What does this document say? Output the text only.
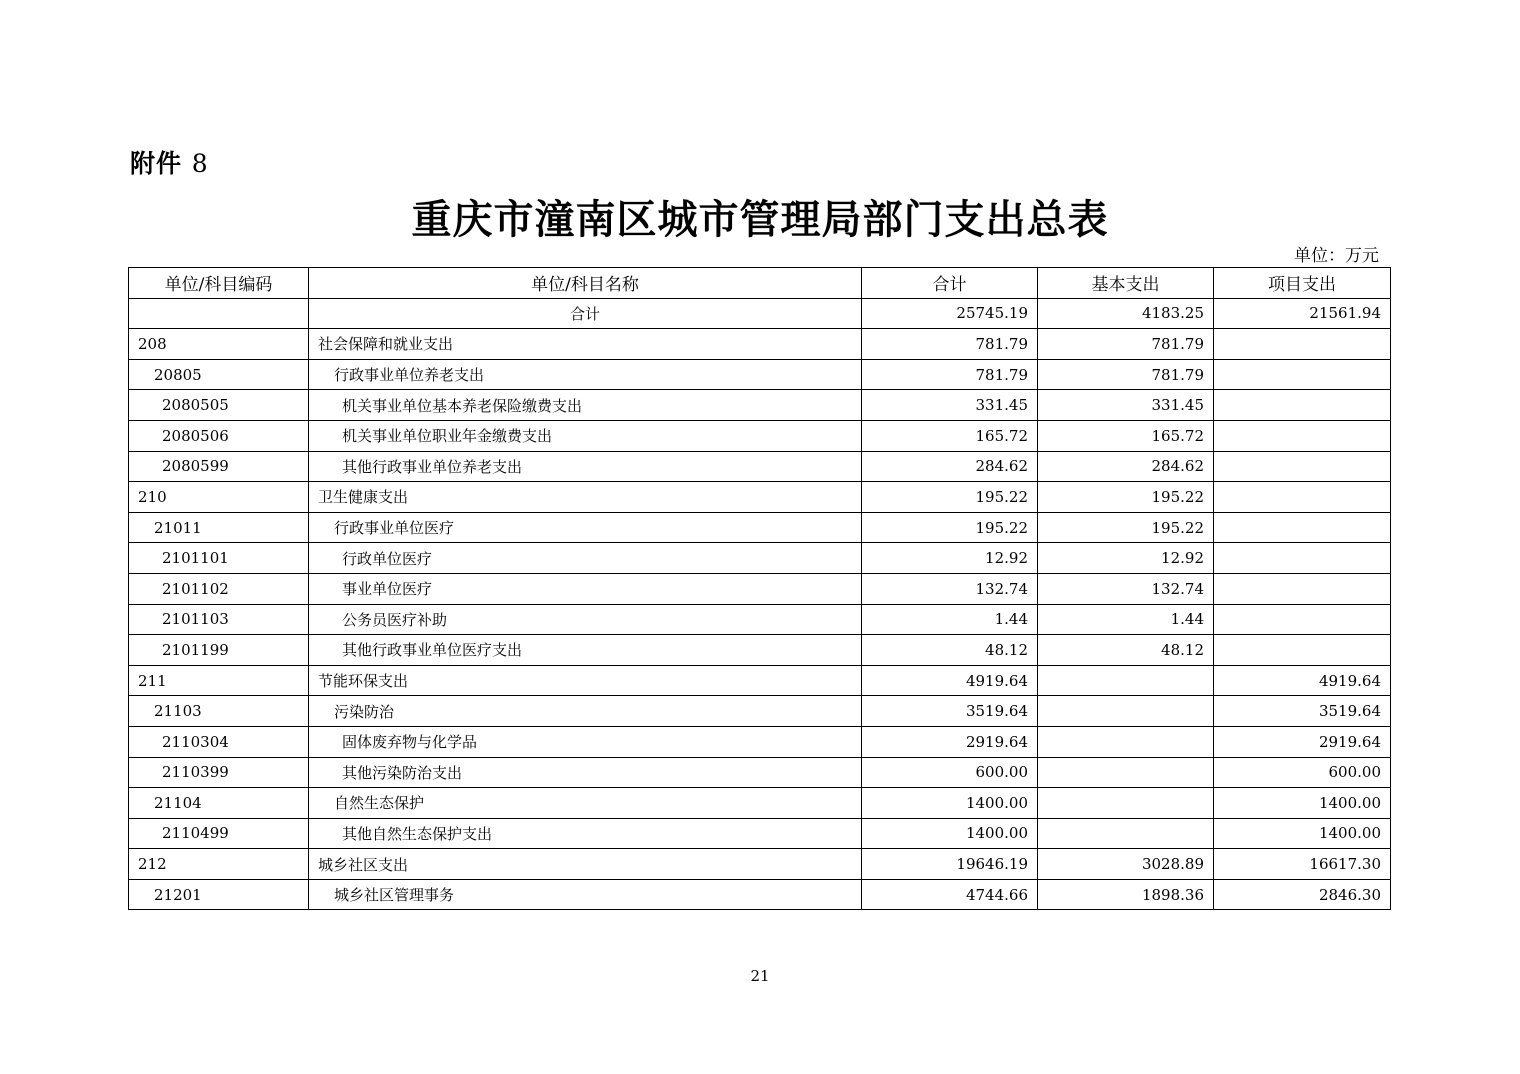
附件 8
重庆市潼南区城市管理局部门支出总表
单位：万元
单位/科目编码	单位/科目名称	合计	基本支出	项目支出
	合计	25745.19	4183.25	21561.94
208	社会保障和就业支出	781.79	781.79	
20805	行政事业单位养老支出	781.79	781.79	
2080505	机关事业单位基本养老保险缴费支出	331.45	331.45	
2080506	机关事业单位职业年金缴费支出	165.72	165.72	
2080599	其他行政事业单位养老支出	284.62	284.62	
210	卫生健康支出	195.22	195.22	
21011	行政事业单位医疗	195.22	195.22	
2101101	行政单位医疗	12.92	12.92	
2101102	事业单位医疗	132.74	132.74	
2101103	公务员医疗补助	1.44	1.44	
2101199	其他行政事业单位医疗支出	48.12	48.12	
211	节能环保支出	4919.64		4919.64
21103	污染防治	3519.64		3519.64
2110304	固体废弃物与化学品	2919.64		2919.64
2110399	其他污染防治支出	600.00		600.00
21104	自然生态保护	1400.00		1400.00
2110499	其他自然生态保护支出	1400.00		1400.00
212	城乡社区支出	19646.19	3028.89	16617.30
21201	城乡社区管理事务	4744.66	1898.36	2846.30
21
